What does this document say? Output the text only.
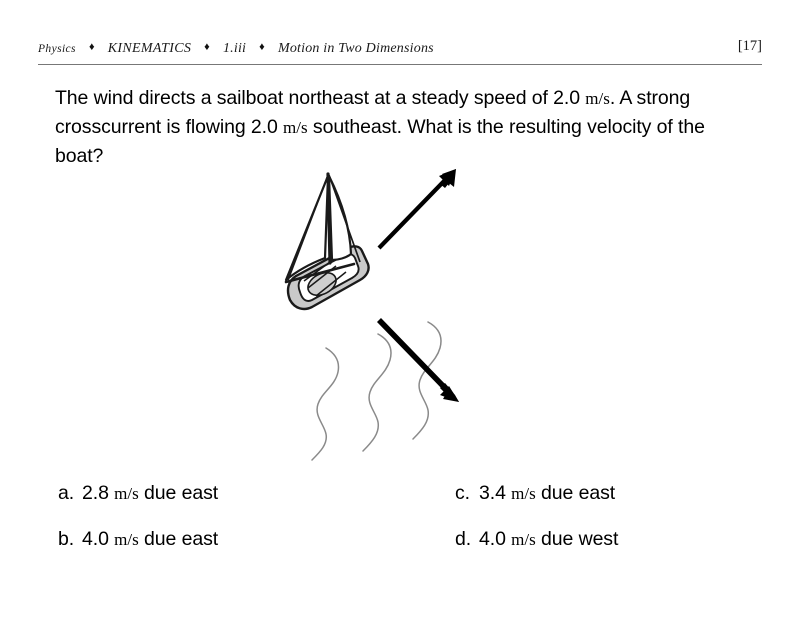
Physics ♦ KINEMATICS ♦ 1.iii ♦ Motion in Two Dimensions	[17]
The wind directs a sailboat northeast at a steady speed of 2.0 m/s. A strong crosscurrent is flowing 2.0 m/s southeast. What is the resulting velocity of the boat?
a. 2.8 m/s due east	c. 3.4 m/s due east
b. 4.0 m/s due east	d. 4.0 m/s due west
